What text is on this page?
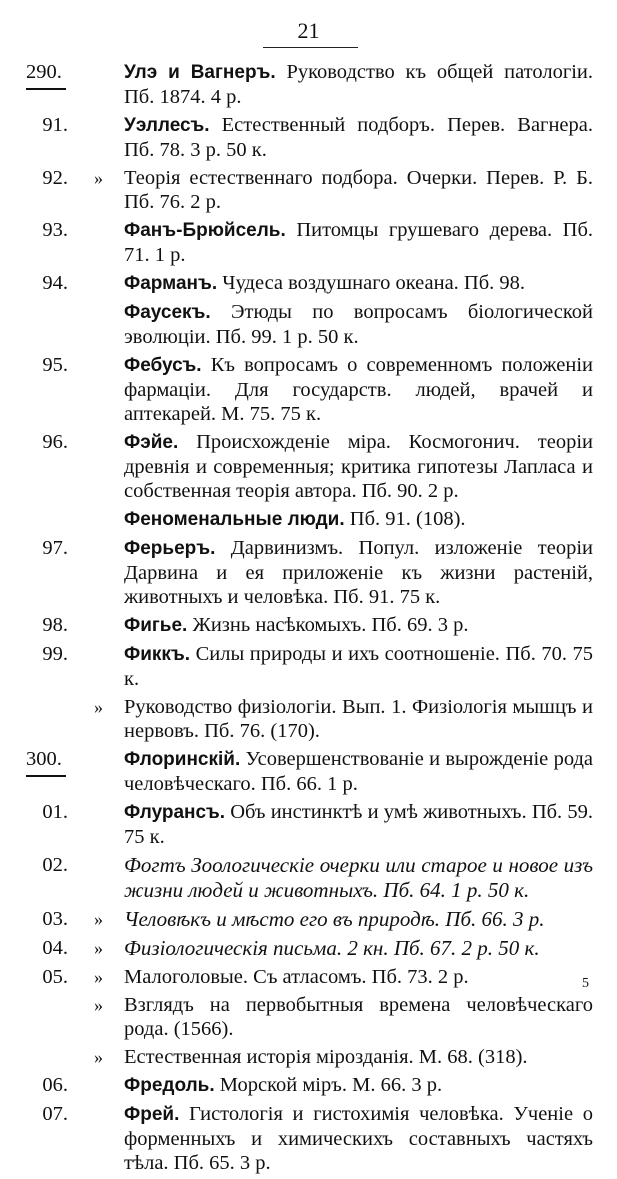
21
290.	Улэ и Вагнеръ. Руководство къ общей патологіи. Пб. 1874. 4 р.
91.	Уэллесъ. Естественный подборъ. Перев. Вагнера. Пб. 78. 3 р. 50 к.
92. » Теорія естественнаго подбора. Очерки. Перев. Р. Б. Пб. 76. 2 р.
93.	Фанъ-Брюйсель. Питомцы грушеваго дерева. Пб. 71. 1 р.
94.	Фарманъ. Чудеса воздушнаго океана. Пб. 98.
Фаусекъ. Этюды по вопросамъ біологической эволюціи. Пб. 99. 1 р. 50 к.
95.	Фебусъ. Къ вопросамъ о современномъ положеніи фармаціи. Для государств. людей, врачей и аптекарей. М. 75. 75 к.
96.	Фэйе. Происхожденіе міра. Космогонич. теоріи древнія и современныя; критика гипотезы Лапласа и собственная теорія автора. Пб. 90. 2 р.
Феноменальные люди. Пб. 91. (108).
97.	Ферьеръ. Дарвинизмъ. Попул. изложеніе теоріи Дарвина и ея приложеніе къ жизни растеній, животныхъ и человѣка. Пб. 91. 75 к.
98.	Фигье. Жизнь насѣкомыхъ. Пб. 69. 3 р.
99.	Фиккъ. Силы природы и ихъ соотношеніе. Пб. 70. 75 к.
» Руководство физіологіи. Вып. 1. Физіологія мышцъ и нервовъ. Пб. 76. (170).
300.	Флоринскій. Усовершенствованіе и вырожденіе рода человѣческаго. Пб. 66. 1 р.
01.	Флурансъ. Объ инстинктѣ и умѣ животныхъ. Пб. 59. 75 к.
02.	Фогтъ Зоологическіе очерки или старое и новое изъ жизни людей и животныхъ. Пб. 64. 1 р. 50 к.
03. » Человѣкъ и мѣсто его въ природѣ. Пб. 66. 3 р.
04. » Физіологическія письма. 2 кн. Пб. 67. 2 р. 50 к.
05. » Малоголовые. Съ атласомъ. Пб. 73. 2 р.
» Взглядъ на первобытныя времена человѣческаго рода. (1566).
» Естественная исторія мірозданія. М. 68. (318).
06.	Фредоль. Морской міръ. М. 66. 3 р.
07.	Фрей. Гистологія и гистохимія человѣка. Ученіе о форменныхъ и химическихъ составныхъ частяхъ тѣла. Пб. 65. 3 р.
5
